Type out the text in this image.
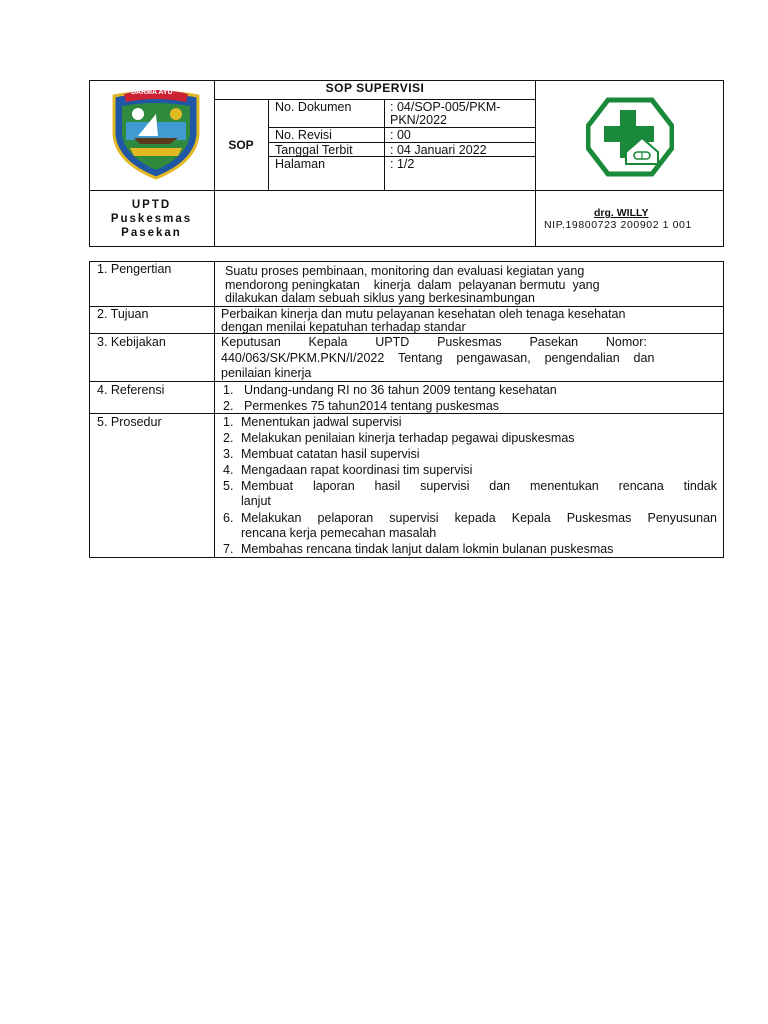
BARMA AYU	SOP SUPERVISI
SOP
No. Dokumen	: 04/SOP-005/PKM-
PKN/2022
No. Revisi	: 00
Tanggal Terbit	: 04 Januari 2022
Halaman	: 1/2
UPTD
Puskesmas
Pasekan
drg. WILLY
NIP.19800723 200902 1 001
1. Pengertian	Suatu proses pembinaan, monitoring dan evaluasi kegiatan yang
mendorong peningkatan    kinerja  dalam  pelayanan bermutu  yang
dilakukan dalam sebuah siklus yang berkesinambungan
2. Tujuan	Perbaikan kinerja dan mutu pelayanan kesehatan oleh tenaga kesehatan
dengan menilai kepatuhan terhadap standar
3. Kebijakan	Keputusan        Kepala        UPTD        Puskesmas        Pasekan        Nomor:
440/063/SK/PKM.PKN/I/2022    Tentang    pengawasan,    pengendalian    dan
penilaian kinerja
4. Referensi	1. Undang-undang RI no 36 tahun 2009 tentang kesehatan
2. Permenkes 75 tahun2014 tentang puskesmas
5. Prosedur	1. Menentukan jadwal supervisi
2. Melakukan penilaian kinerja terhadap pegawai dipuskesmas
3. Membuat catatan hasil supervisi
4. Mengadaan rapat koordinasi tim supervisi
5. Membuat laporan hasil supervisi dan menentukan rencana tindak
lanjut
6. Melakukan pelaporan supervisi kepada Kepala Puskesmas Penyusunan
rencana kerja pemecahan masalah
7. Membahas rencana tindak lanjut dalam lokmin bulanan puskesmas
